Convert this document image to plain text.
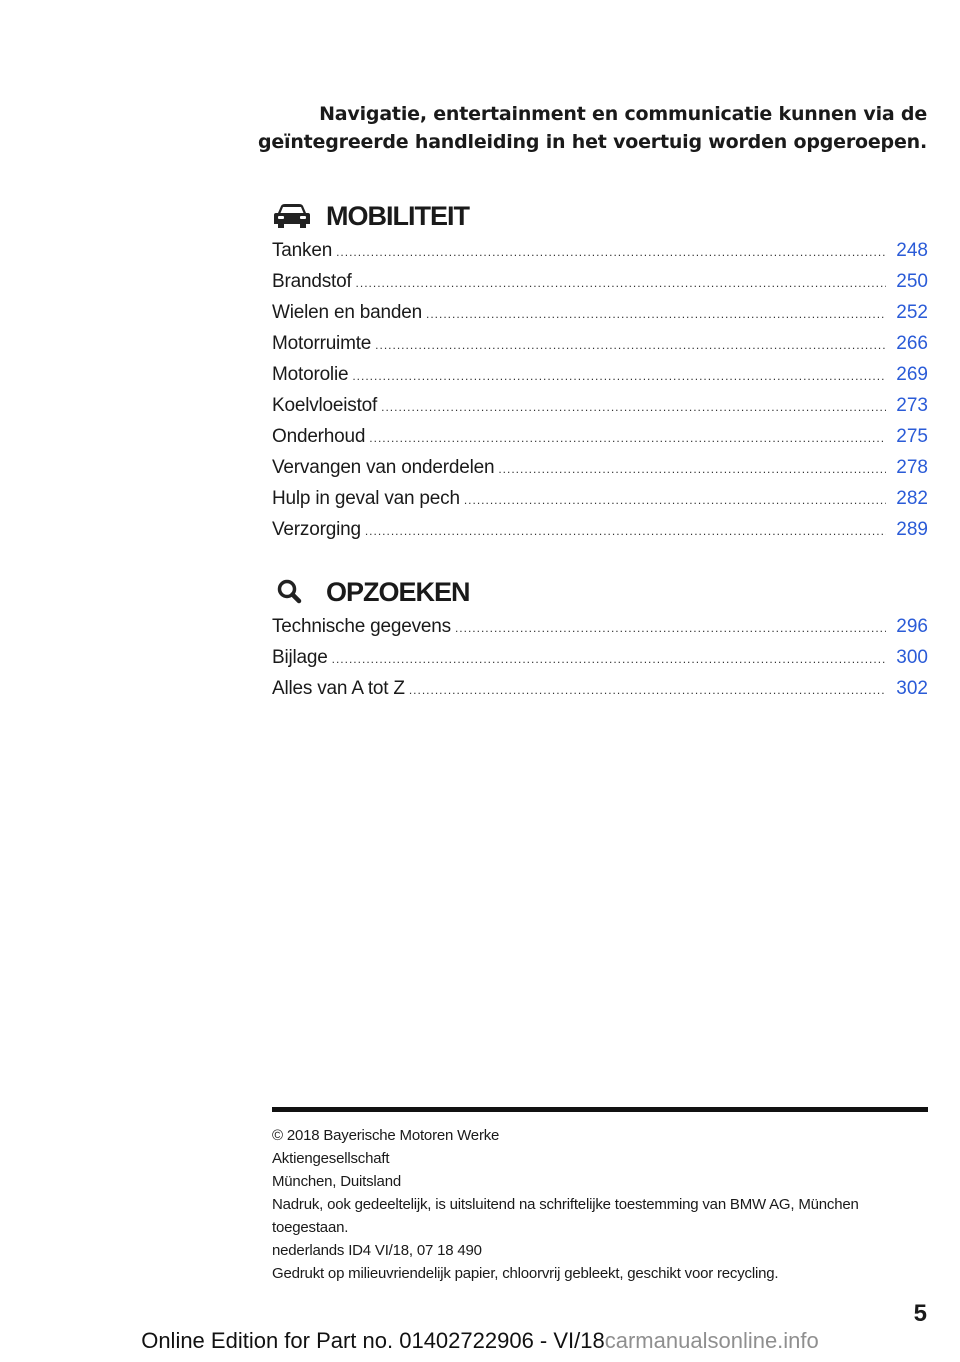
Navigatie, entertainment en communicatie kunnen via de
geïntegreerde handleiding in het voertuig worden opgeroepen.
MOBILITEIT
Tanken .....	248
Brandstof .....	250
Wielen en banden .....	252
Motorruimte .....	266
Motorolie .....	269
Koelvloeistof .....	273
Onderhoud .....	275
Vervangen van onderdelen .....	278
Hulp in geval van pech .....	282
Verzorging .....	289
OPZOEKEN
Technische gegevens .....	296
Bijlage .....	300
Alles van A tot Z .....	302
© 2018 Bayerische Motoren Werke
Aktiengesellschaft
München, Duitsland
Nadruk, ook gedeeltelijk, is uitsluitend na schriftelijke toestemming van BMW AG, München toegestaan.
nederlands ID4 VI/18, 07 18 490
Gedrukt op milieuvriendelijk papier, chloorvrij gebleekt, geschikt voor recycling.
5
Online Edition for Part no. 01402722906 - VI/18carmanualsonline.info
